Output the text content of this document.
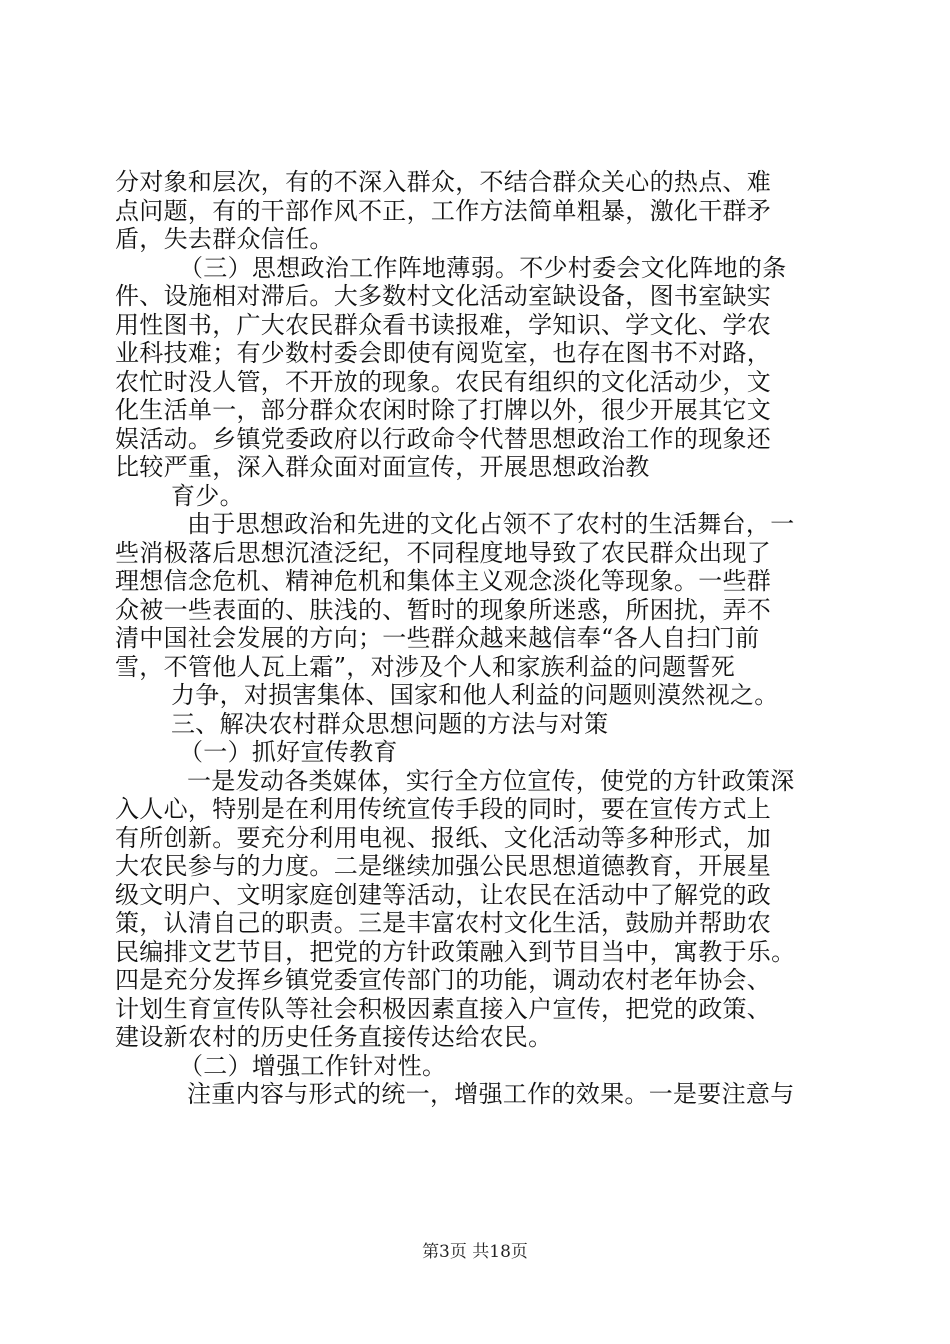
分对象和层次，有的不深入群众，不结合群众关心的热点、难
点问题，有的干部作风不正，工作方法简单粗暴，激化干群矛
盾，失去群众信任。
（三）思想政治工作阵地薄弱。不少村委会文化阵地的条
件、设施相对滞后。大多数村文化活动室缺设备，图书室缺实
用性图书，广大农民群众看书读报难，学知识、学文化、学农
业科技难；有少数村委会即使有阅览室，也存在图书不对路，
农忙时没人管，不开放的现象。农民有组织的文化活动少，文
化生活单一，部分群众农闲时除了打牌以外，很少开展其它文
娱活动。乡镇党委政府以行政命令代替思想政治工作的现象还
比较严重，深入群众面对面宣传，开展思想政治教
育少。
由于思想政治和先进的文化占领不了农村的生活舞台，一
些消极落后思想沉渣泛纪，不同程度地导致了农民群众出现了
理想信念危机、精神危机和集体主义观念淡化等现象。一些群
众被一些表面的、肤浅的、暂时的现象所迷惑，所困扰，弄不
清中国社会发展的方向；一些群众越来越信奉“各人自扫门前
雪，不管他人瓦上霜”，对涉及个人和家族利益的问题誓死
力争，对损害集体、国家和他人利益的问题则漠然视之。
三、解决农村群众思想问题的方法与对策
（一）抓好宣传教育
一是发动各类媒体，实行全方位宣传，使党的方针政策深
入人心，特别是在利用传统宣传手段的同时，要在宣传方式上
有所创新。要充分利用电视、报纸、文化活动等多种形式，加
大农民参与的力度。二是继续加强公民思想道德教育，开展星
级文明户、文明家庭创建等活动，让农民在活动中了解党的政
策，认清自己的职责。三是丰富农村文化生活，鼓励并帮助农
民编排文艺节目，把党的方针政策融入到节目当中，寓教于乐。
四是充分发挥乡镇党委宣传部门的功能，调动农村老年协会、
计划生育宣传队等社会积极因素直接入户宣传，把党的政策、
建设新农村的历史任务直接传达给农民。
（二）增强工作针对性。
注重内容与形式的统一，增强工作的效果。一是要注意与
第3页 共18页
